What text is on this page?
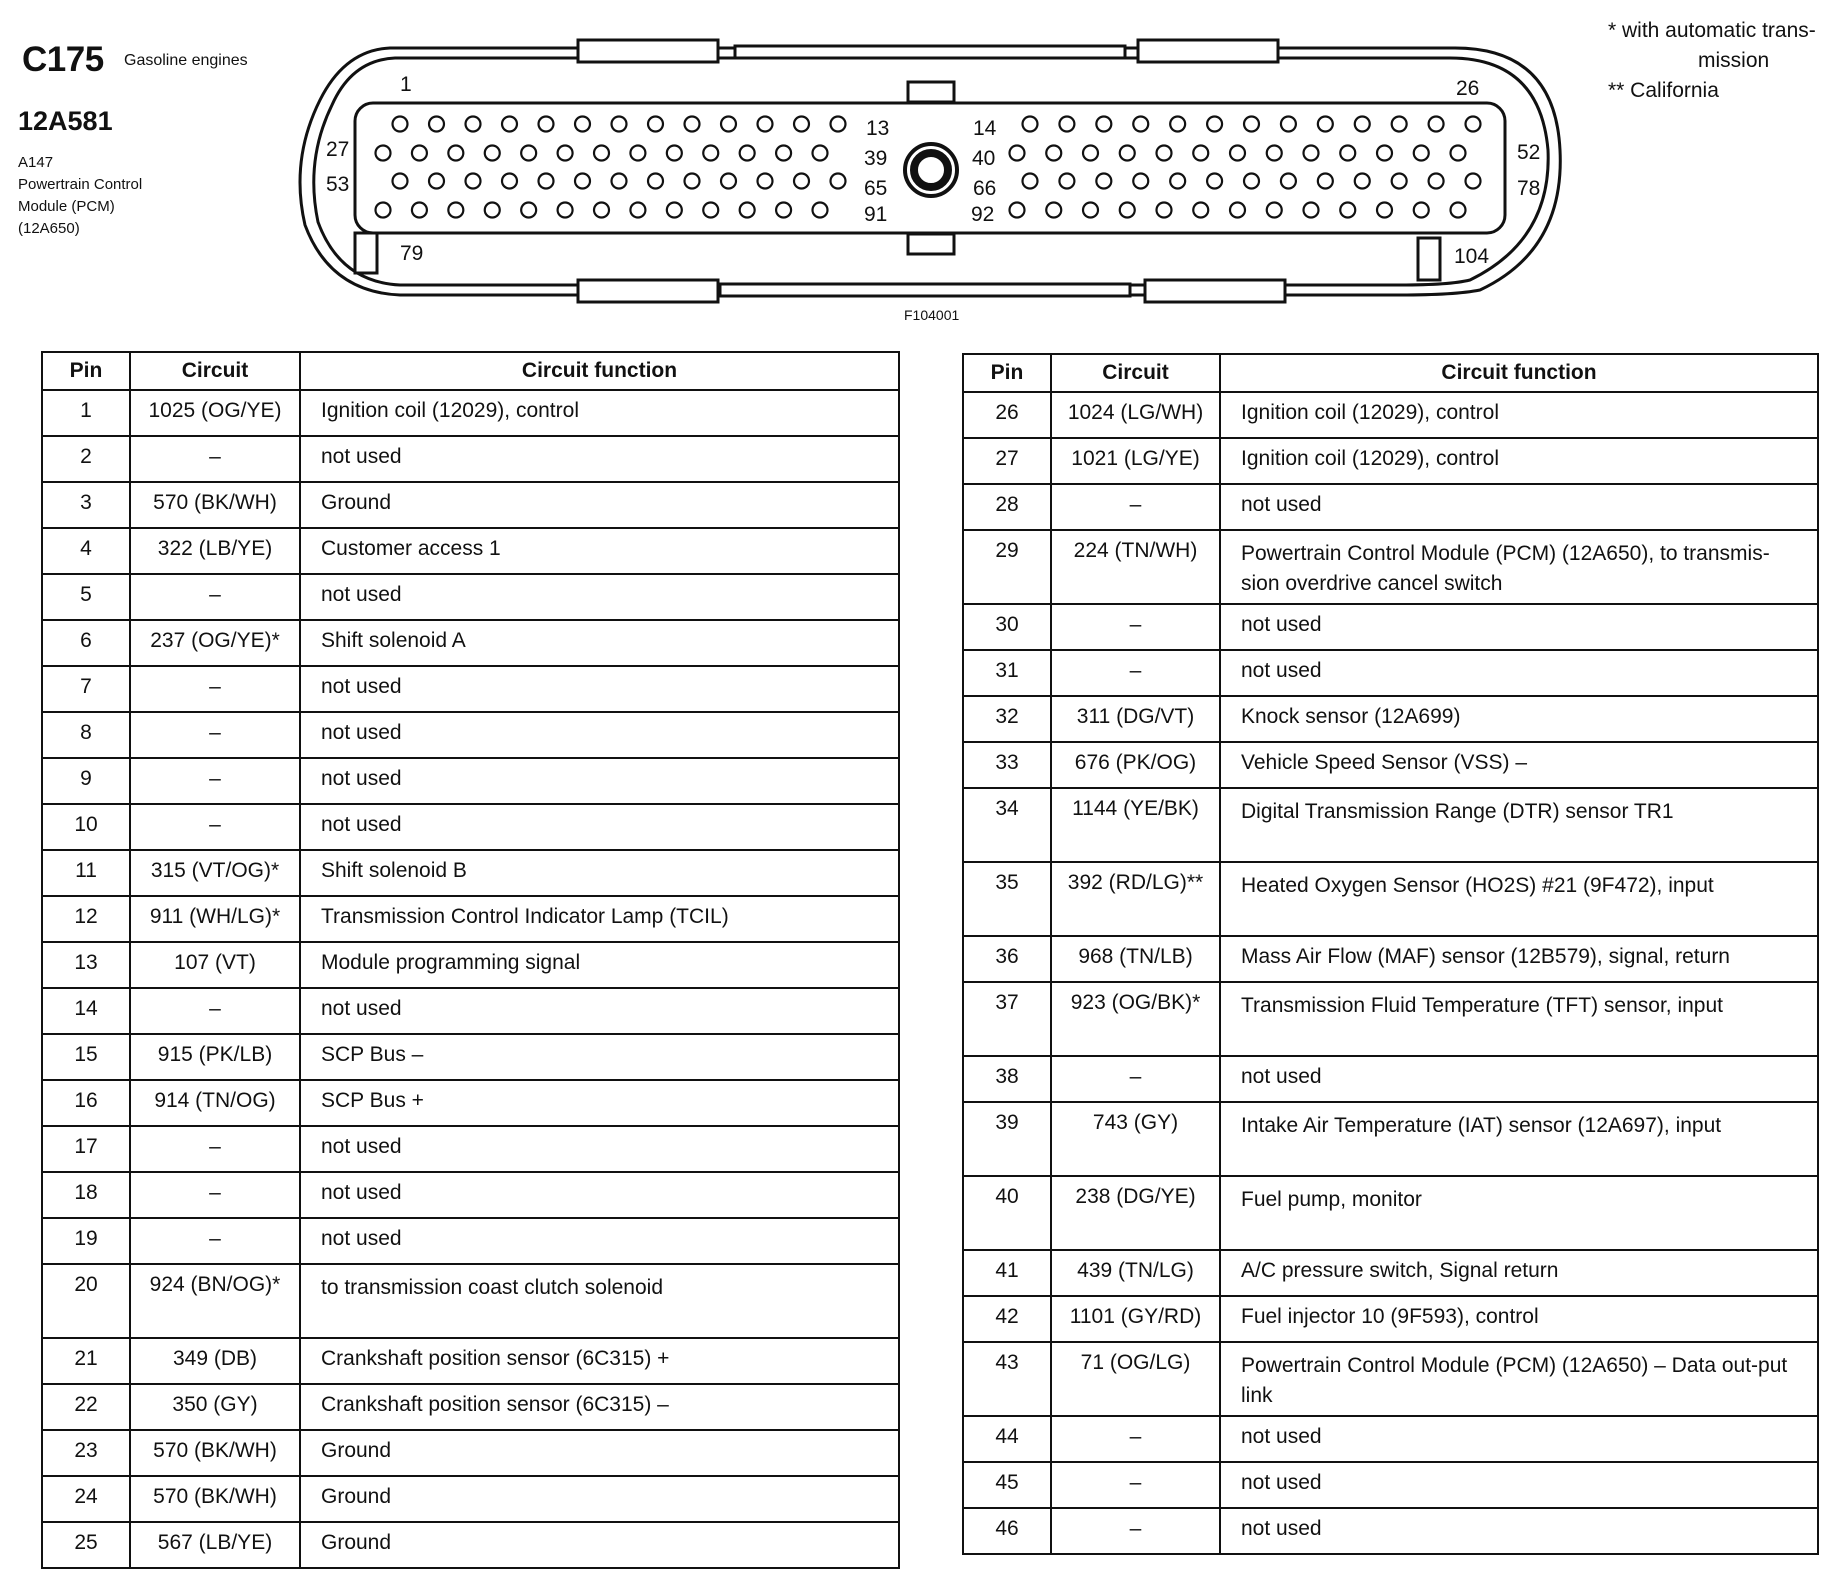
C175 Gasoline engines
12A581
A147
Powertrain Control
Module (PCM)
(12A650)
* with automatic trans-
mission
** California
1	26
13	14
27	39	40	52
53	65	66	78
91	92
79	104
F104001
Pin	Circuit	Circuit function
1	1025 (OG/YE)	Ignition coil (12029), control
2	–	not used
3	570 (BK/WH)	Ground
4	322 (LB/YE)	Customer access 1
5	–	not used
6	237 (OG/YE)*	Shift solenoid A
7	–	not used
8	–	not used
9	–	not used
10	–	not used
11	315 (VT/OG)*	Shift solenoid B
12	911 (WH/LG)*	Transmission Control Indicator Lamp (TCIL)
13	107 (VT)	Module programming signal
14	–	not used
15	915 (PK/LB)	SCP Bus –
16	914 (TN/OG)	SCP Bus +
17	–	not used
18	–	not used
19	–	not used
20	924 (BN/OG)*	to transmission coast clutch solenoid
21	349 (DB)	Crankshaft position sensor (6C315) +
22	350 (GY)	Crankshaft position sensor (6C315) –
23	570 (BK/WH)	Ground
24	570 (BK/WH)	Ground
25	567 (LB/YE)	Ground
Pin	Circuit	Circuit function
26	1024 (LG/WH)	Ignition coil (12029), control
27	1021 (LG/YE)	Ignition coil (12029), control
28	–	not used
29	224 (TN/WH)	Powertrain Control Module (PCM) (12A650), to transmis-sion overdrive cancel switch
30	–	not used
31	–	not used
32	311 (DG/VT)	Knock sensor (12A699)
33	676 (PK/OG)	Vehicle Speed Sensor (VSS) –
34	1144 (YE/BK)	Digital Transmission Range (DTR) sensor TR1
35	392 (RD/LG)**	Heated Oxygen Sensor (HO2S) #21 (9F472), input
36	968 (TN/LB)	Mass Air Flow (MAF) sensor (12B579), signal, return
37	923 (OG/BK)*	Transmission Fluid Temperature (TFT) sensor, input
38	–	not used
39	743 (GY)	Intake Air Temperature (IAT) sensor (12A697), input
40	238 (DG/YE)	Fuel pump, monitor
41	439 (TN/LG)	A/C pressure switch, Signal return
42	1101 (GY/RD)	Fuel injector 10 (9F593), control
43	71 (OG/LG)	Powertrain Control Module (PCM) (12A650) – Data out-put link
44	–	not used
45	–	not used
46	–	not used
